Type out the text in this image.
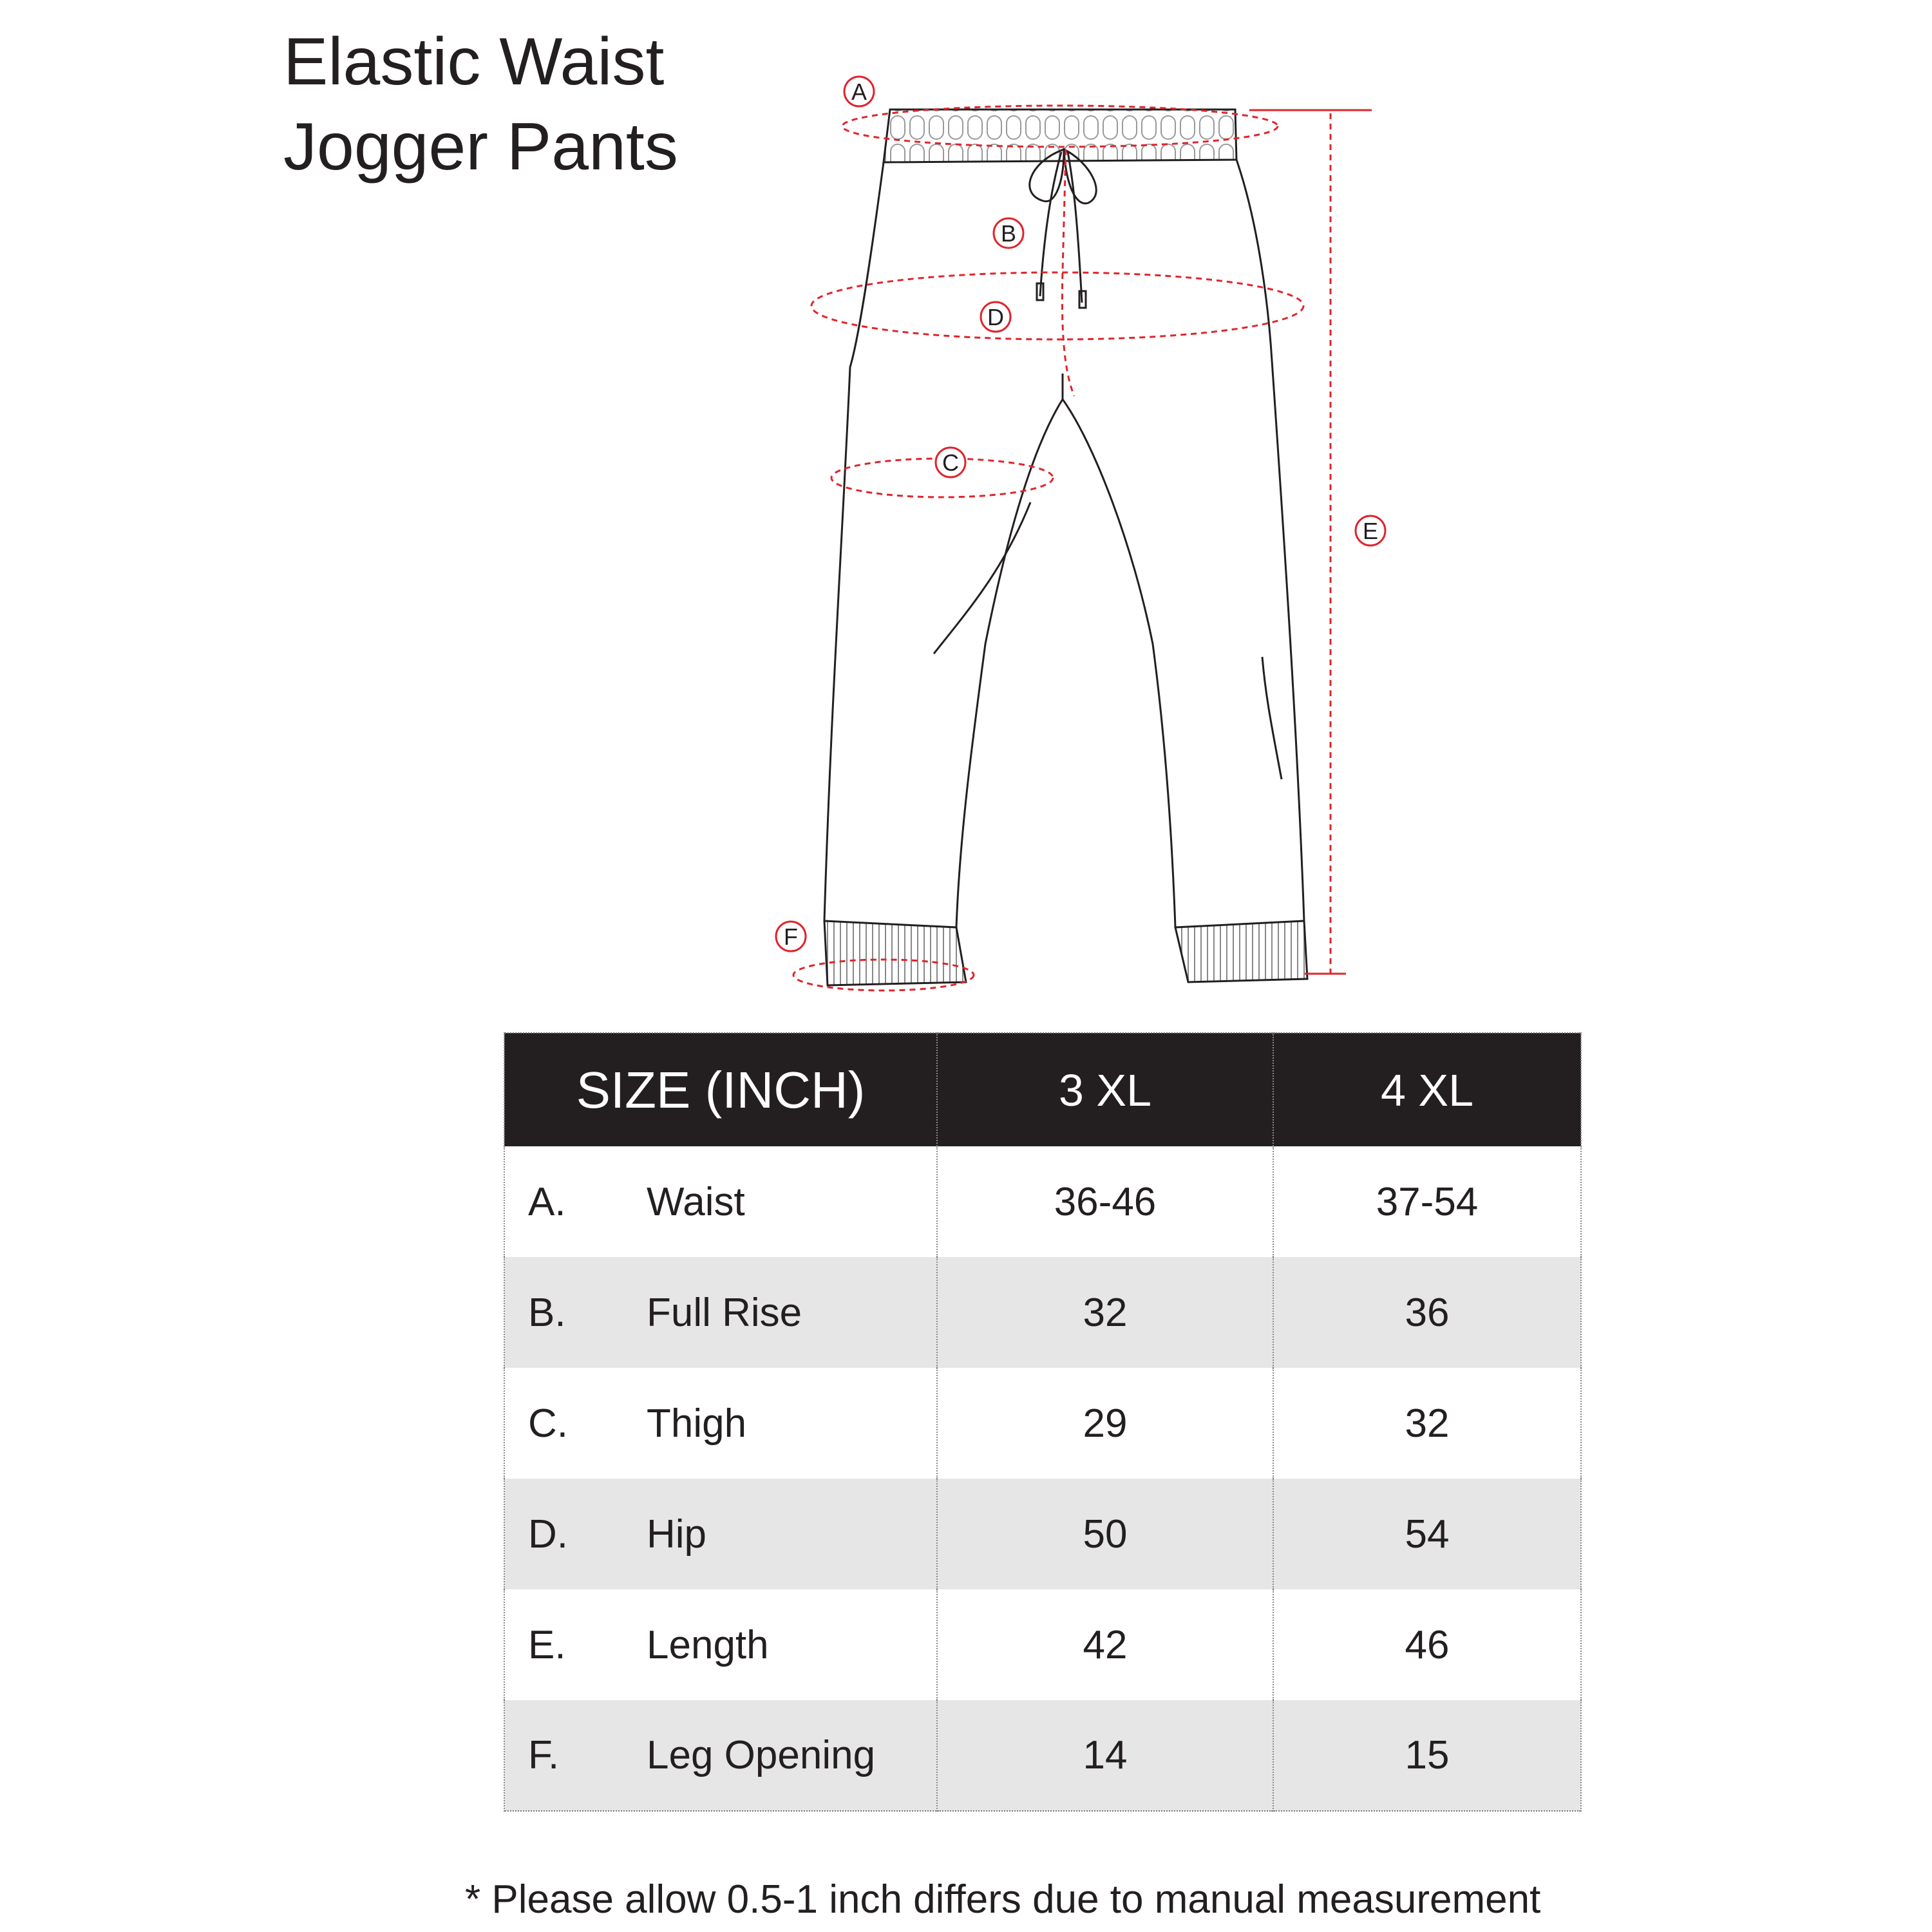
Elastic Waist
Jogger Pants
A
B
C
D
E
F
SIZE (INCH)	3 XL	4 XL
A. Waist	36-46	37-54
B. Full Rise	32	36
C. Thigh	29	32
D. Hip	50	54
E. Length	42	46
F. Leg Opening	14	15
* Please allow 0.5-1 inch differs due to manual measurement
